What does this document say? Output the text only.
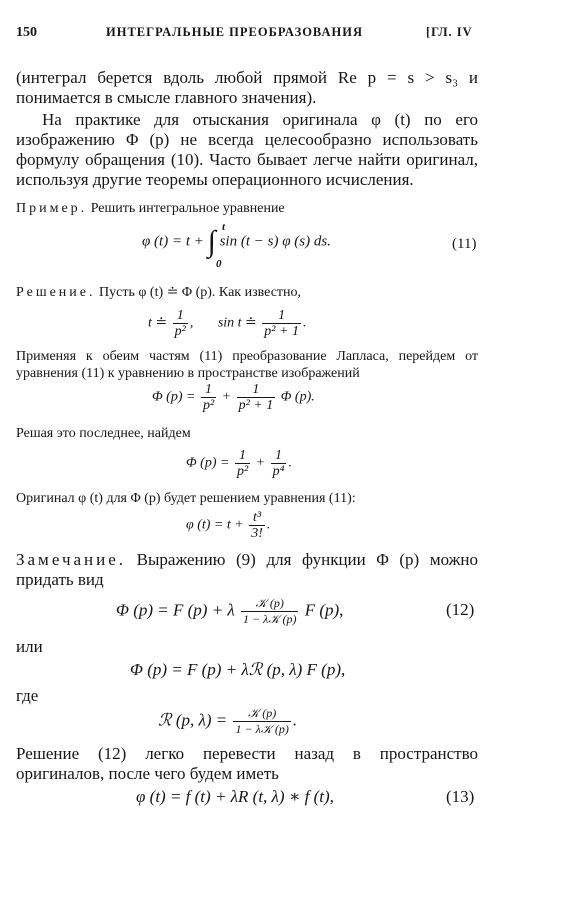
150	ИНТЕГРАЛЬНЫЕ ПРЕОБРАЗОВАНИЯ	[ГЛ. IV
(интеграл берется вдоль любой прямой Re p = s > s₃ и понимается в смысле главного значения).
На практике для отыскания оригинала φ (t) по его изображению Φ (p) не всегда целесообразно использовать формулу обращения (10). Часто бывает легче найти оригинал, используя другие теоремы операционного исчисления.
Пример. Решить интегральное уравнение
φ (t) = t + ∫ sin (t − s) φ (s) ds.
t
0
(11)
Решение. Пусть φ (t) ≐ Φ (p). Как известно,
t ≐ $\frac{1}{\text{p²}}$ , sin t ≐ $\frac{1}{\text{p² + 1}}$ .
Применяя к обеим частям (11) преобразование Лапласа, перейдем от уравнения (11) к уравнению в пространстве изображений
Φ $(p) = \frac{1}{\text{p²}} + \frac{1}{\text{p² + 1}}$ Φ (p).
Решая это последнее, найдем
Φ $(p) = \frac{1}{\text{p²}} + \frac{1}{\text{p⁴}}$ .
Оригинал φ (t) для Φ (p) будет решением уравнения (11):
φ $(t) = t + \frac{\text{t³}}{3!}$ .
Замечание. Выражению (9) для функции Φ (p) можно придать вид
Φ (p) = F (p) + λ $\frac{\text{𝒦 (p)}}{\text{1 − λ𝒦 (p)}}$ F (p),	(12)
или
Φ (p) = F (p) + λℛ (p, λ) F (p),
где
ℛ (p, $\lambda) = \frac{\text{𝒦 (p)}}{\text{1 − λ𝒦 (p)}}$ .
Решение (12) легко перевести назад в пространство оригиналов, после чего будем иметь
φ (t) = f (t) + λR (t, λ) ∗ f (t),	(13)
